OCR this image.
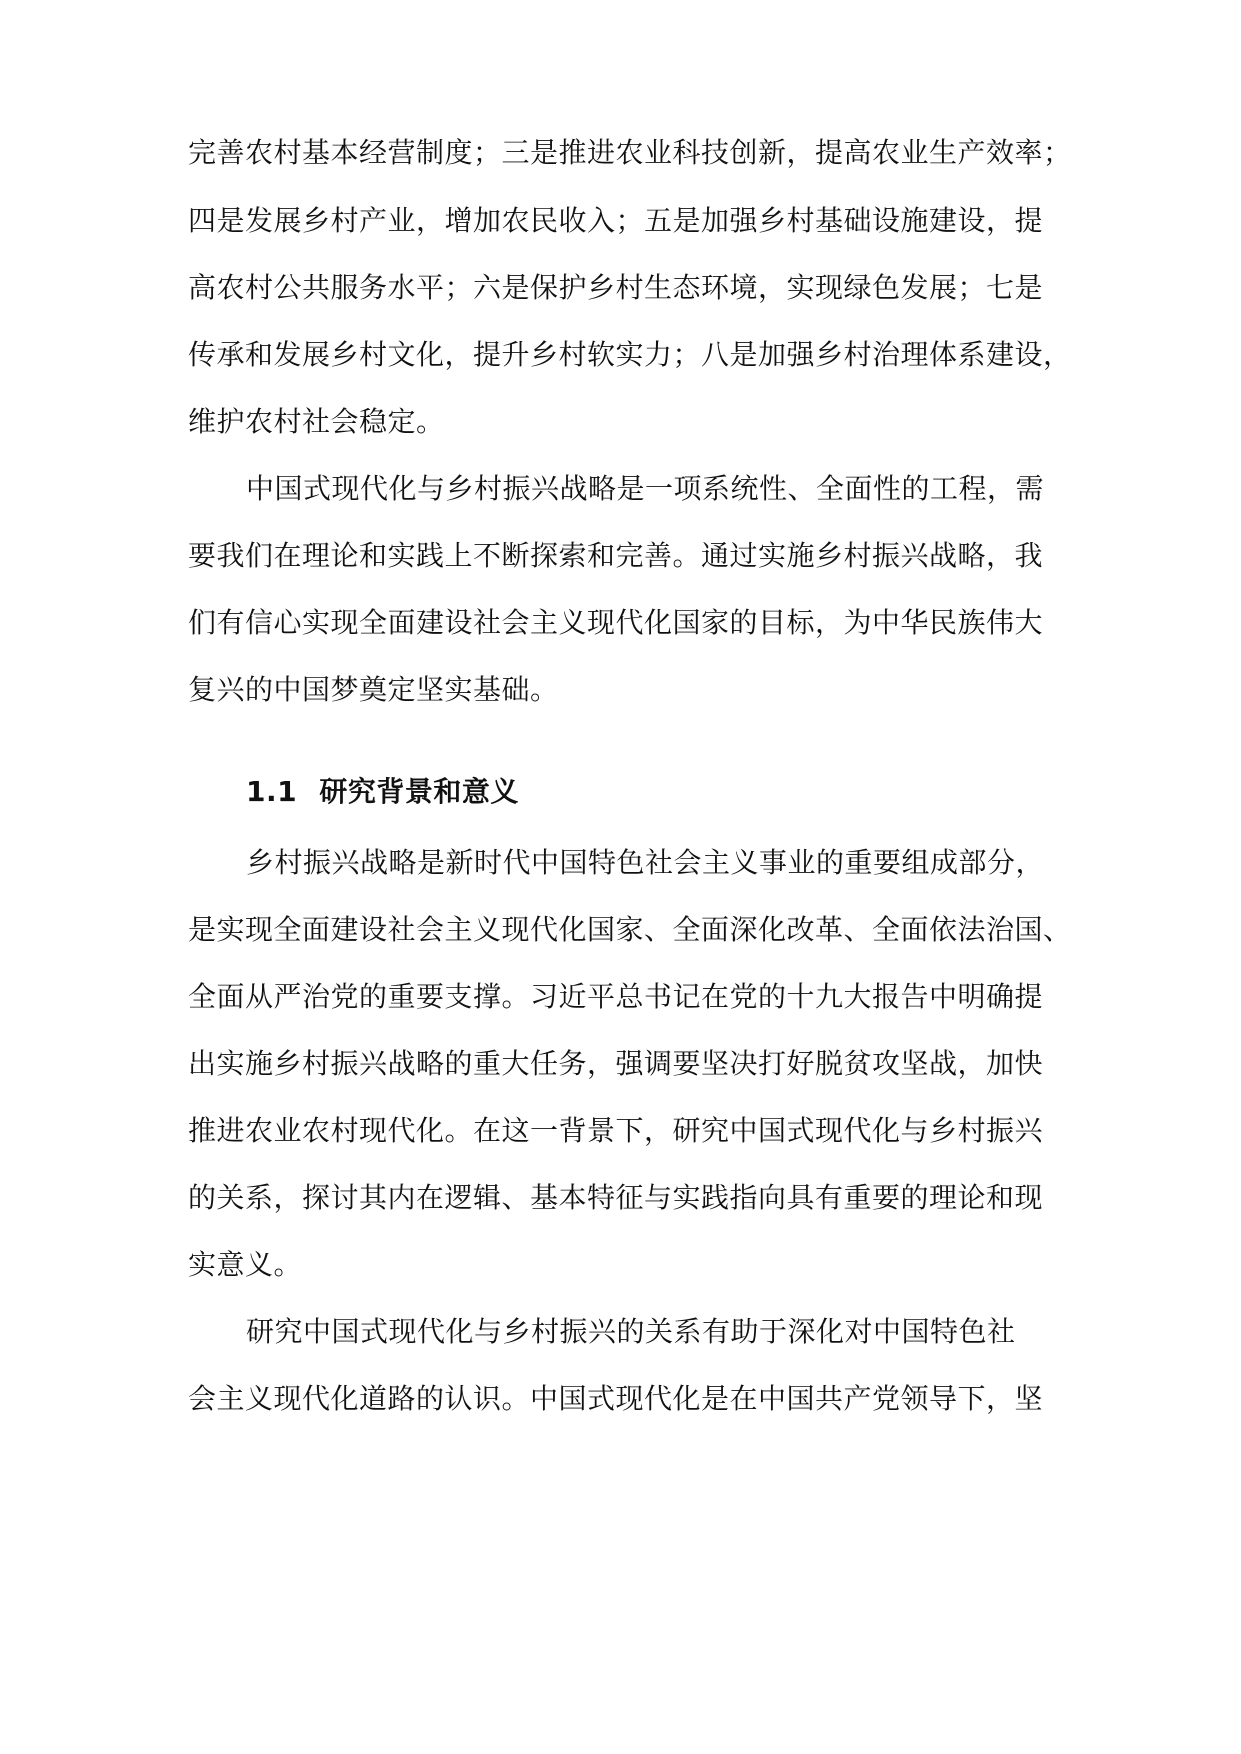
完善农村基本经营制度；三是推进农业科技创新，提高农业生产效率；
四是发展乡村产业，增加农民收入；五是加强乡村基础设施建设，提
高农村公共服务水平；六是保护乡村生态环境，实现绿色发展；七是
传承和发展乡村文化，提升乡村软实力；八是加强乡村治理体系建设，
维护农村社会稳定。
中国式现代化与乡村振兴战略是一项系统性、全面性的工程，需
要我们在理论和实践上不断探索和完善。通过实施乡村振兴战略，我
们有信心实现全面建设社会主义现代化国家的目标，为中华民族伟大
复兴的中国梦奠定坚实基础。
1.1 研究背景和意义
乡村振兴战略是新时代中国特色社会主义事业的重要组成部分，
是实现全面建设社会主义现代化国家、全面深化改革、全面依法治国、
全面从严治党的重要支撑。习近平总书记在党的十九大报告中明确提
出实施乡村振兴战略的重大任务，强调要坚决打好脱贫攻坚战，加快
推进农业农村现代化。在这一背景下，研究中国式现代化与乡村振兴
的关系，探讨其内在逻辑、基本特征与实践指向具有重要的理论和现
实意义。
研究中国式现代化与乡村振兴的关系有助于深化对中国特色社
会主义现代化道路的认识。中国式现代化是在中国共产党领导下，坚
